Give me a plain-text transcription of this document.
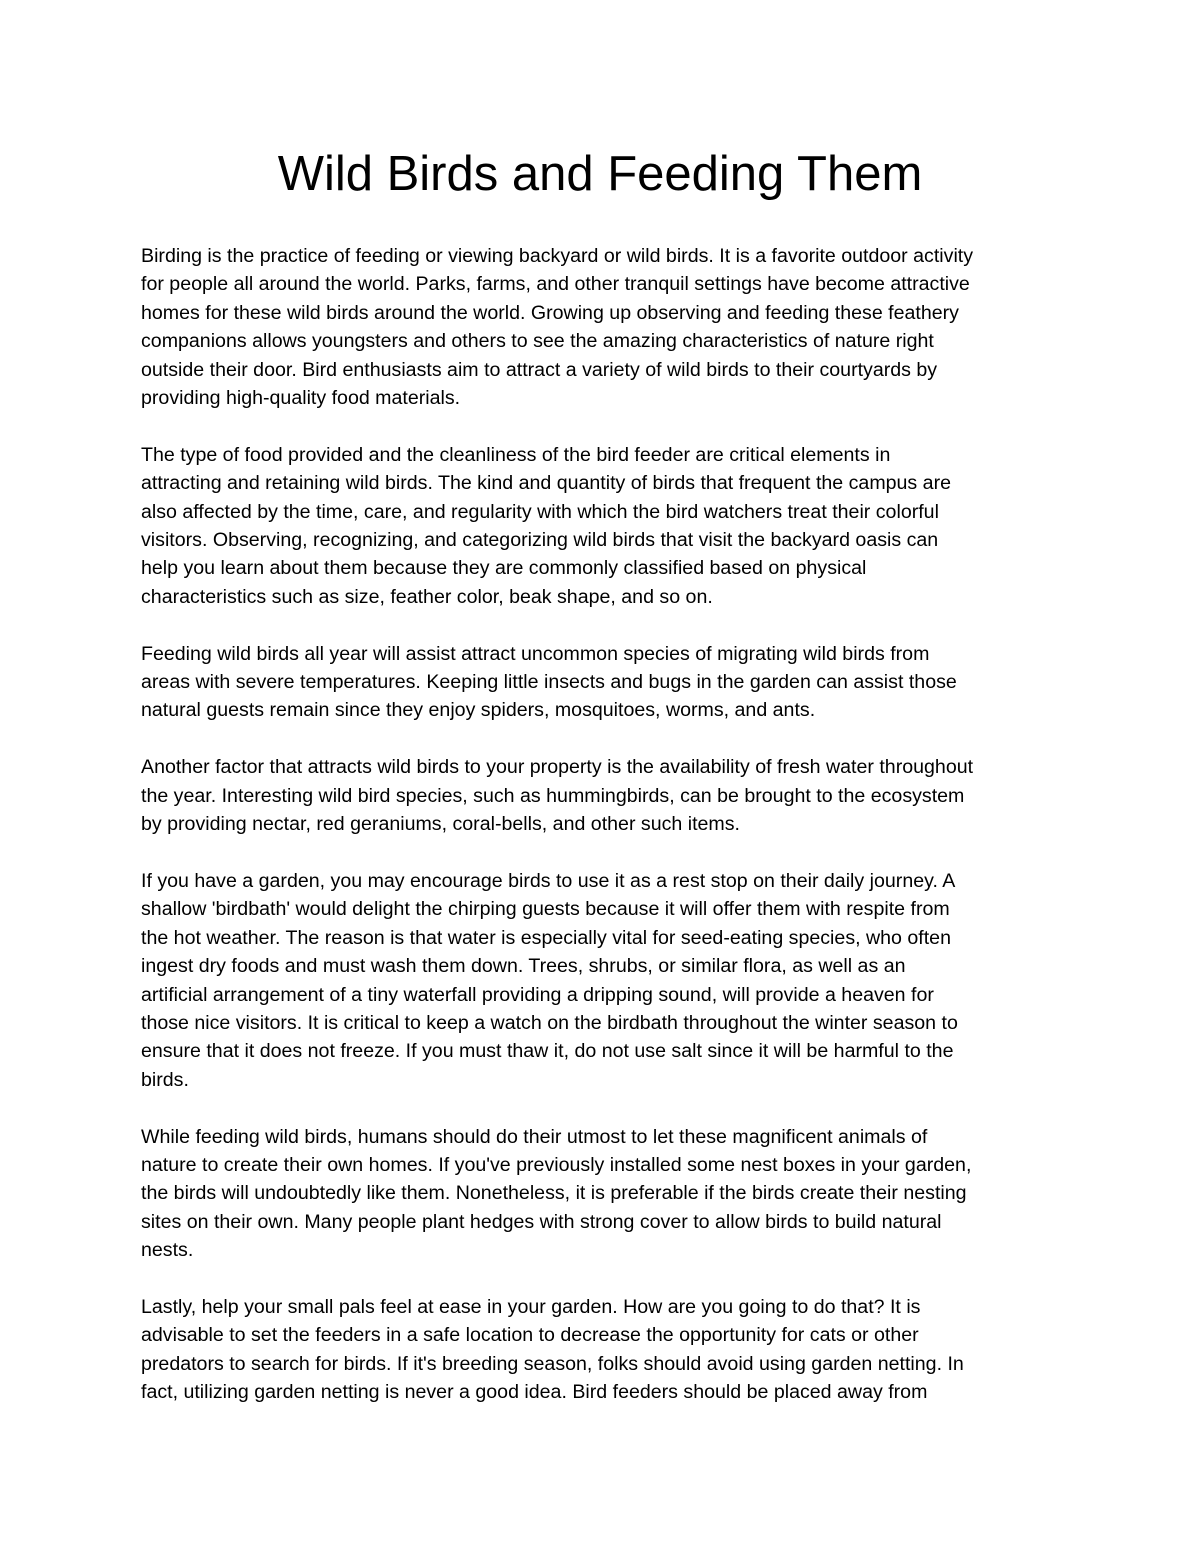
Wild Birds and Feeding Them

Birding is the practice of feeding or viewing backyard or wild birds. It is a favorite outdoor activity
for people all around the world. Parks, farms, and other tranquil settings have become attractive
homes for these wild birds around the world. Growing up observing and feeding these feathery
companions allows youngsters and others to see the amazing characteristics of nature right
outside their door. Bird enthusiasts aim to attract a variety of wild birds to their courtyards by
providing high-quality food materials.

The type of food provided and the cleanliness of the bird feeder are critical elements in
attracting and retaining wild birds. The kind and quantity of birds that frequent the campus are
also affected by the time, care, and regularity with which the bird watchers treat their colorful
visitors. Observing, recognizing, and categorizing wild birds that visit the backyard oasis can
help you learn about them because they are commonly classified based on physical
characteristics such as size, feather color, beak shape, and so on.

Feeding wild birds all year will assist attract uncommon species of migrating wild birds from
areas with severe temperatures. Keeping little insects and bugs in the garden can assist those
natural guests remain since they enjoy spiders, mosquitoes, worms, and ants.

Another factor that attracts wild birds to your property is the availability of fresh water throughout
the year. Interesting wild bird species, such as hummingbirds, can be brought to the ecosystem
by providing nectar, red geraniums, coral-bells, and other such items.

If you have a garden, you may encourage birds to use it as a rest stop on their daily journey. A
shallow 'birdbath' would delight the chirping guests because it will offer them with respite from
the hot weather. The reason is that water is especially vital for seed-eating species, who often
ingest dry foods and must wash them down. Trees, shrubs, or similar flora, as well as an
artificial arrangement of a tiny waterfall providing a dripping sound, will provide a heaven for
those nice visitors. It is critical to keep a watch on the birdbath throughout the winter season to
ensure that it does not freeze. If you must thaw it, do not use salt since it will be harmful to the
birds.

While feeding wild birds, humans should do their utmost to let these magnificent animals of
nature to create their own homes. If you've previously installed some nest boxes in your garden,
the birds will undoubtedly like them. Nonetheless, it is preferable if the birds create their nesting
sites on their own. Many people plant hedges with strong cover to allow birds to build natural
nests.

Lastly, help your small pals feel at ease in your garden. How are you going to do that? It is
advisable to set the feeders in a safe location to decrease the opportunity for cats or other
predators to search for birds. If it's breeding season, folks should avoid using garden netting. In
fact, utilizing garden netting is never a good idea. Bird feeders should be placed away from
